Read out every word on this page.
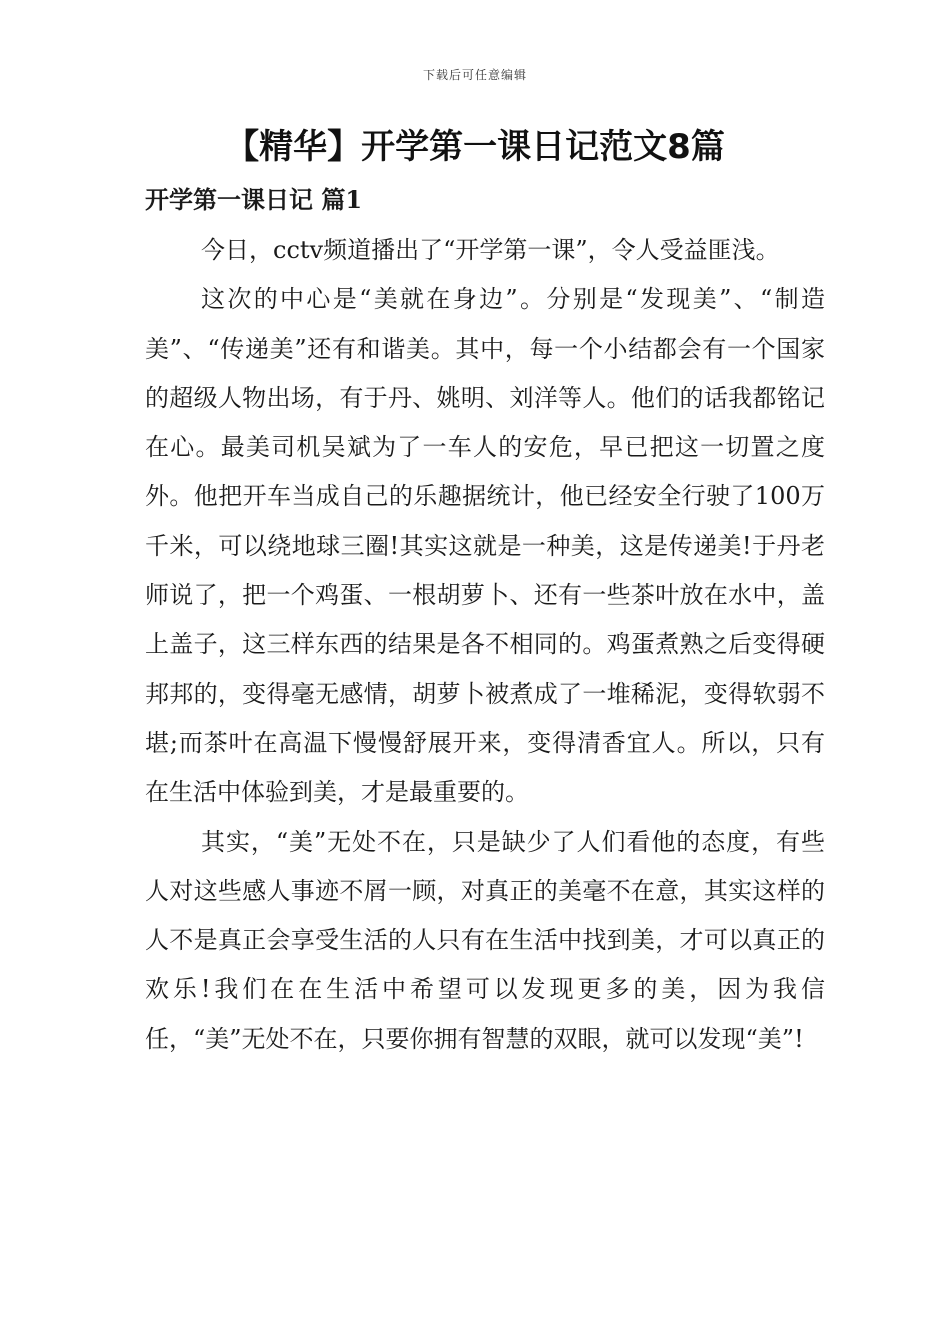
下载后可任意编辑
【精华】开学第一课日记范文8篇
开学第一课日记 篇1

今日，cctv频道播出了“开学第一课”，令人受益匪浅。

这次的中心是“美就在身边”。分别是“发现美”、“制造美”、“传递美”还有和谐美。其中，每一个小结都会有一个国家的超级人物出场，有于丹、姚明、刘洋等人。他们的话我都铭记在心。最美司机吴斌为了一车人的安危，早已把这一切置之度外。他把开车当成自己的乐趣据统计，他已经安全行驶了100万千米，可以绕地球三圈!其实这就是一种美，这是传递美!于丹老师说了，把一个鸡蛋、一根胡萝卜、还有一些茶叶放在水中，盖上盖子，这三样东西的结果是各不相同的。鸡蛋煮熟之后变得硬邦邦的，变得毫无感情，胡萝卜被煮成了一堆稀泥，变得软弱不堪;而茶叶在高温下慢慢舒展开来，变得清香宜人。所以，只有在生活中体验到美，才是最重要的。

其实，“美”无处不在，只是缺少了人们看他的态度，有些人对这些感人事迹不屑一顾，对真正的美毫不在意，其实这样的人不是真正会享受生活的人只有在生活中找到美，才可以真正的欢乐!我们在在生活中希望可以发现更多的美，因为我信任，“美”无处不在，只要你拥有智慧的双眼，就可以发现“美”!
